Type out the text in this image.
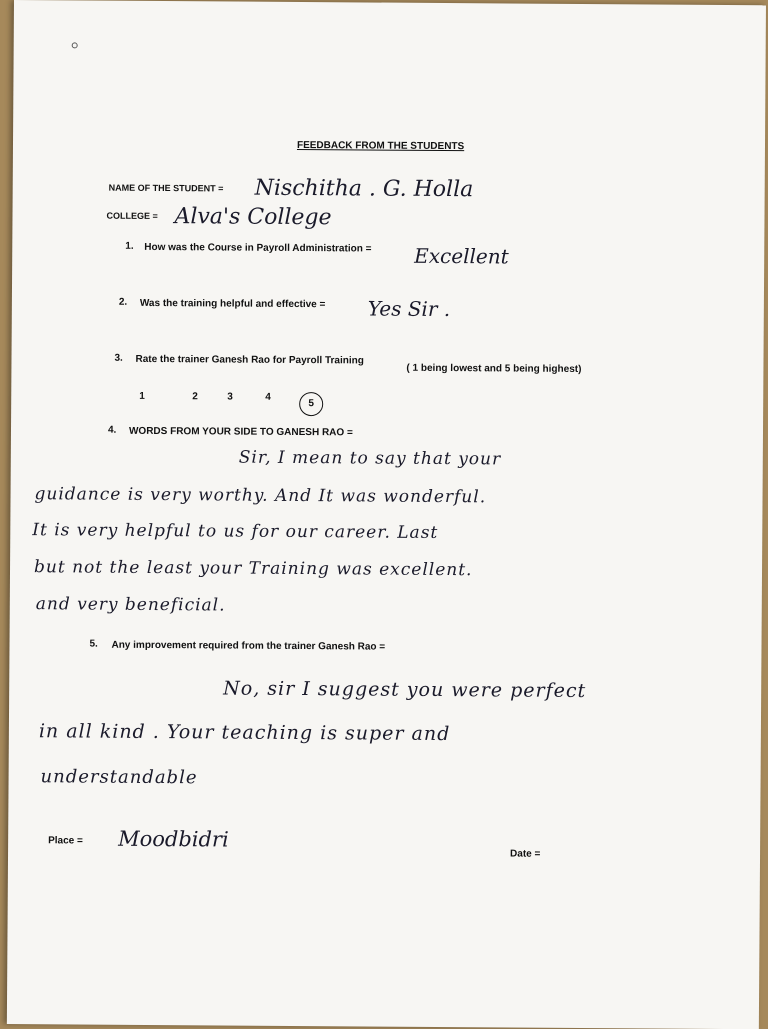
FEEDBACK FROM THE STUDENTS
NAME OF THE STUDENT = Nischitha . G. Holla
COLLEGE = Alva's College
1. How was the Course in Payroll Administration = Excellent
2. Was the training helpful and effective = Yes Sir .
3. Rate the trainer Ganesh Rao for Payroll Training
( 1 being lowest and 5 being highest)
1	2	3	4
5
4. WORDS FROM YOUR SIDE TO GANESH RAO =
Sir, I mean to say that your
guidance is very worthy. And It was wonderful.
It is very helpful to us for our career. Last
but not the least your Training was excellent.
and very beneficial.
5. Any improvement required from the trainer Ganesh Rao =
No, sir I suggest you were perfect
in all kind . Your teaching is super and
understandable
Place = Moodbidri
Date =
